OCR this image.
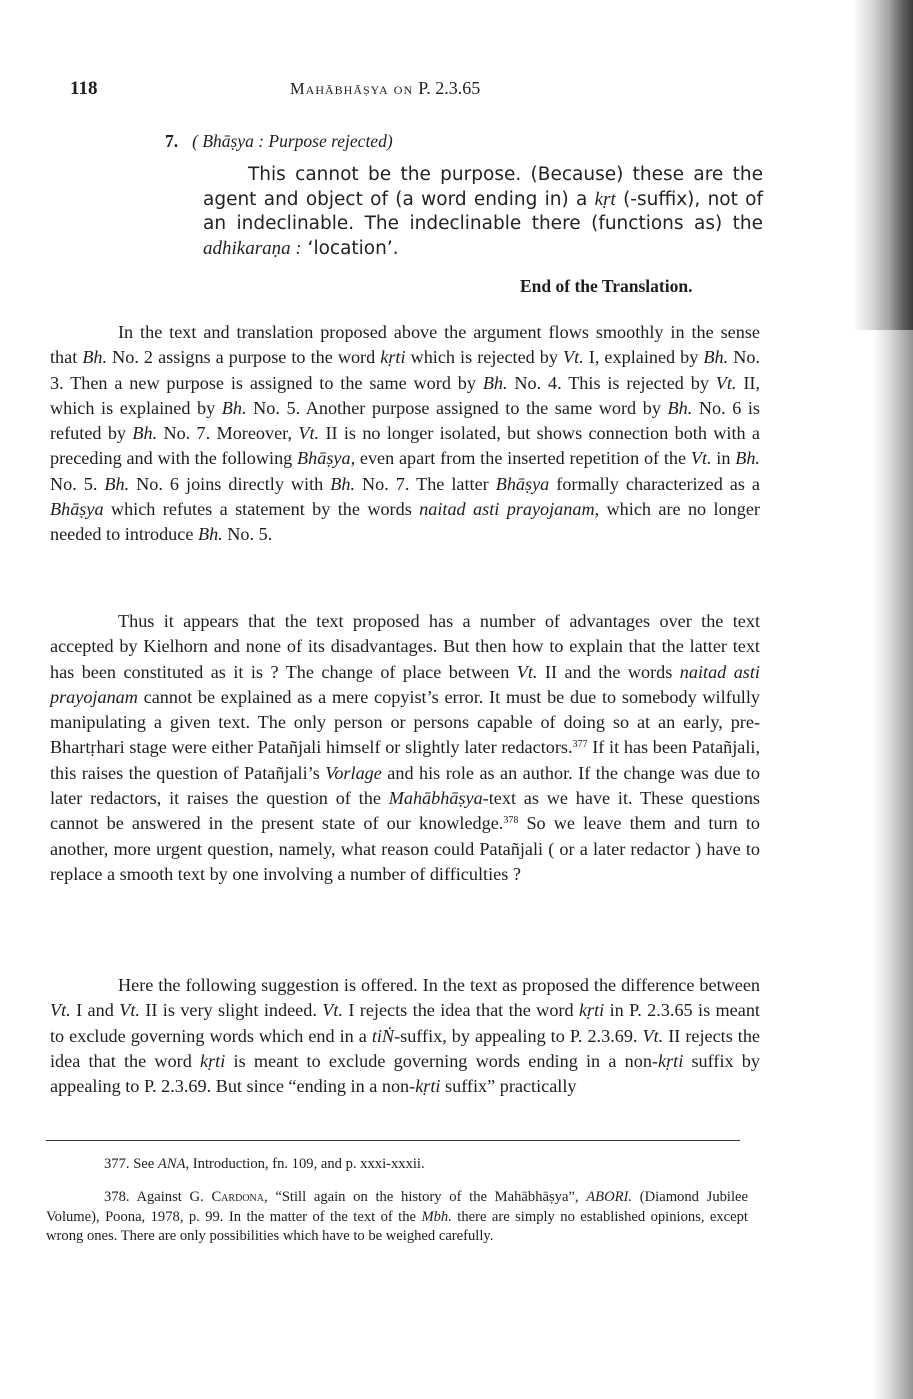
118	Mahābhāṣya on P. 2.3.65
7. ( Bhāṣya : Purpose rejected)
This cannot be the purpose. (Because) these are the agent and object of (a word ending in) a kṛt (-suffix), not of an indeclinable. The indeclinable there (functions as) the adhikaraṇa : ‘location’.
End of the Translation.
In the text and translation proposed above the argument flows smoothly in the sense that Bh. No. 2 assigns a purpose to the word kṛti which is rejected by Vt. I, explained by Bh. No. 3. Then a new purpose is assigned to the same word by Bh. No. 4. This is rejected by Vt. II, which is explained by Bh. No. 5. Another purpose assigned to the same word by Bh. No. 6 is refuted by Bh. No. 7. Moreover, Vt. II is no longer isolated, but shows connection both with a preceding and with the following Bhāṣya, even apart from the inserted repetition of the Vt. in Bh. No. 5. Bh. No. 6 joins directly with Bh. No. 7. The latter Bhāṣya formally characterized as a Bhāṣya which refutes a statement by the words naitad asti prayojanam, which are no longer needed to introduce Bh. No. 5.
Thus it appears that the text proposed has a number of advantages over the text accepted by Kielhorn and none of its disadvantages. But then how to explain that the latter text has been constituted as it is ? The change of place between Vt. II and the words naitad asti prayojanam cannot be explained as a mere copyist’s error. It must be due to somebody wilfully manipulating a given text. The only person or persons capable of doing so at an early, pre-Bhartṛhari stage were either Patañjali himself or slightly later redactors.$^{377}$ If it has been Patañjali, this raises the question of Patañjali’s Vorlage and his role as an author. If the change was due to later redactors, it raises the question of the Mahābhāṣya-text as we have it. These questions cannot be answered in the present state of our knowledge.$^{378}$ So we leave them and turn to another, more urgent question, namely, what reason could Patañjali ( or a later redactor ) have to replace a smooth text by one involving a number of difficulties ?
Here the following suggestion is offered. In the text as proposed the difference between Vt. I and Vt. II is very slight indeed. Vt. I rejects the idea that the word kṛti in P. 2.3.65 is meant to exclude governing words which end in a tiṄ-suffix, by appealing to P. 2.3.69. Vt. II rejects the idea that the word kṛti is meant to exclude governing words ending in a non-kṛti suffix by appealing to P. 2.3.69. But since “ending in a non-kṛti suffix” practically
377. See ANA, Introduction, fn. 109, and p. xxxi-xxxii.
378. Against G. Cardona, “Still again on the history of the Mahābhāṣya”, ABORI. (Diamond Jubilee Volume), Poona, 1978, p. 99. In the matter of the text of the Mbh. there are simply no established opinions, except wrong ones. There are only possibilities which have to be weighed carefully.
